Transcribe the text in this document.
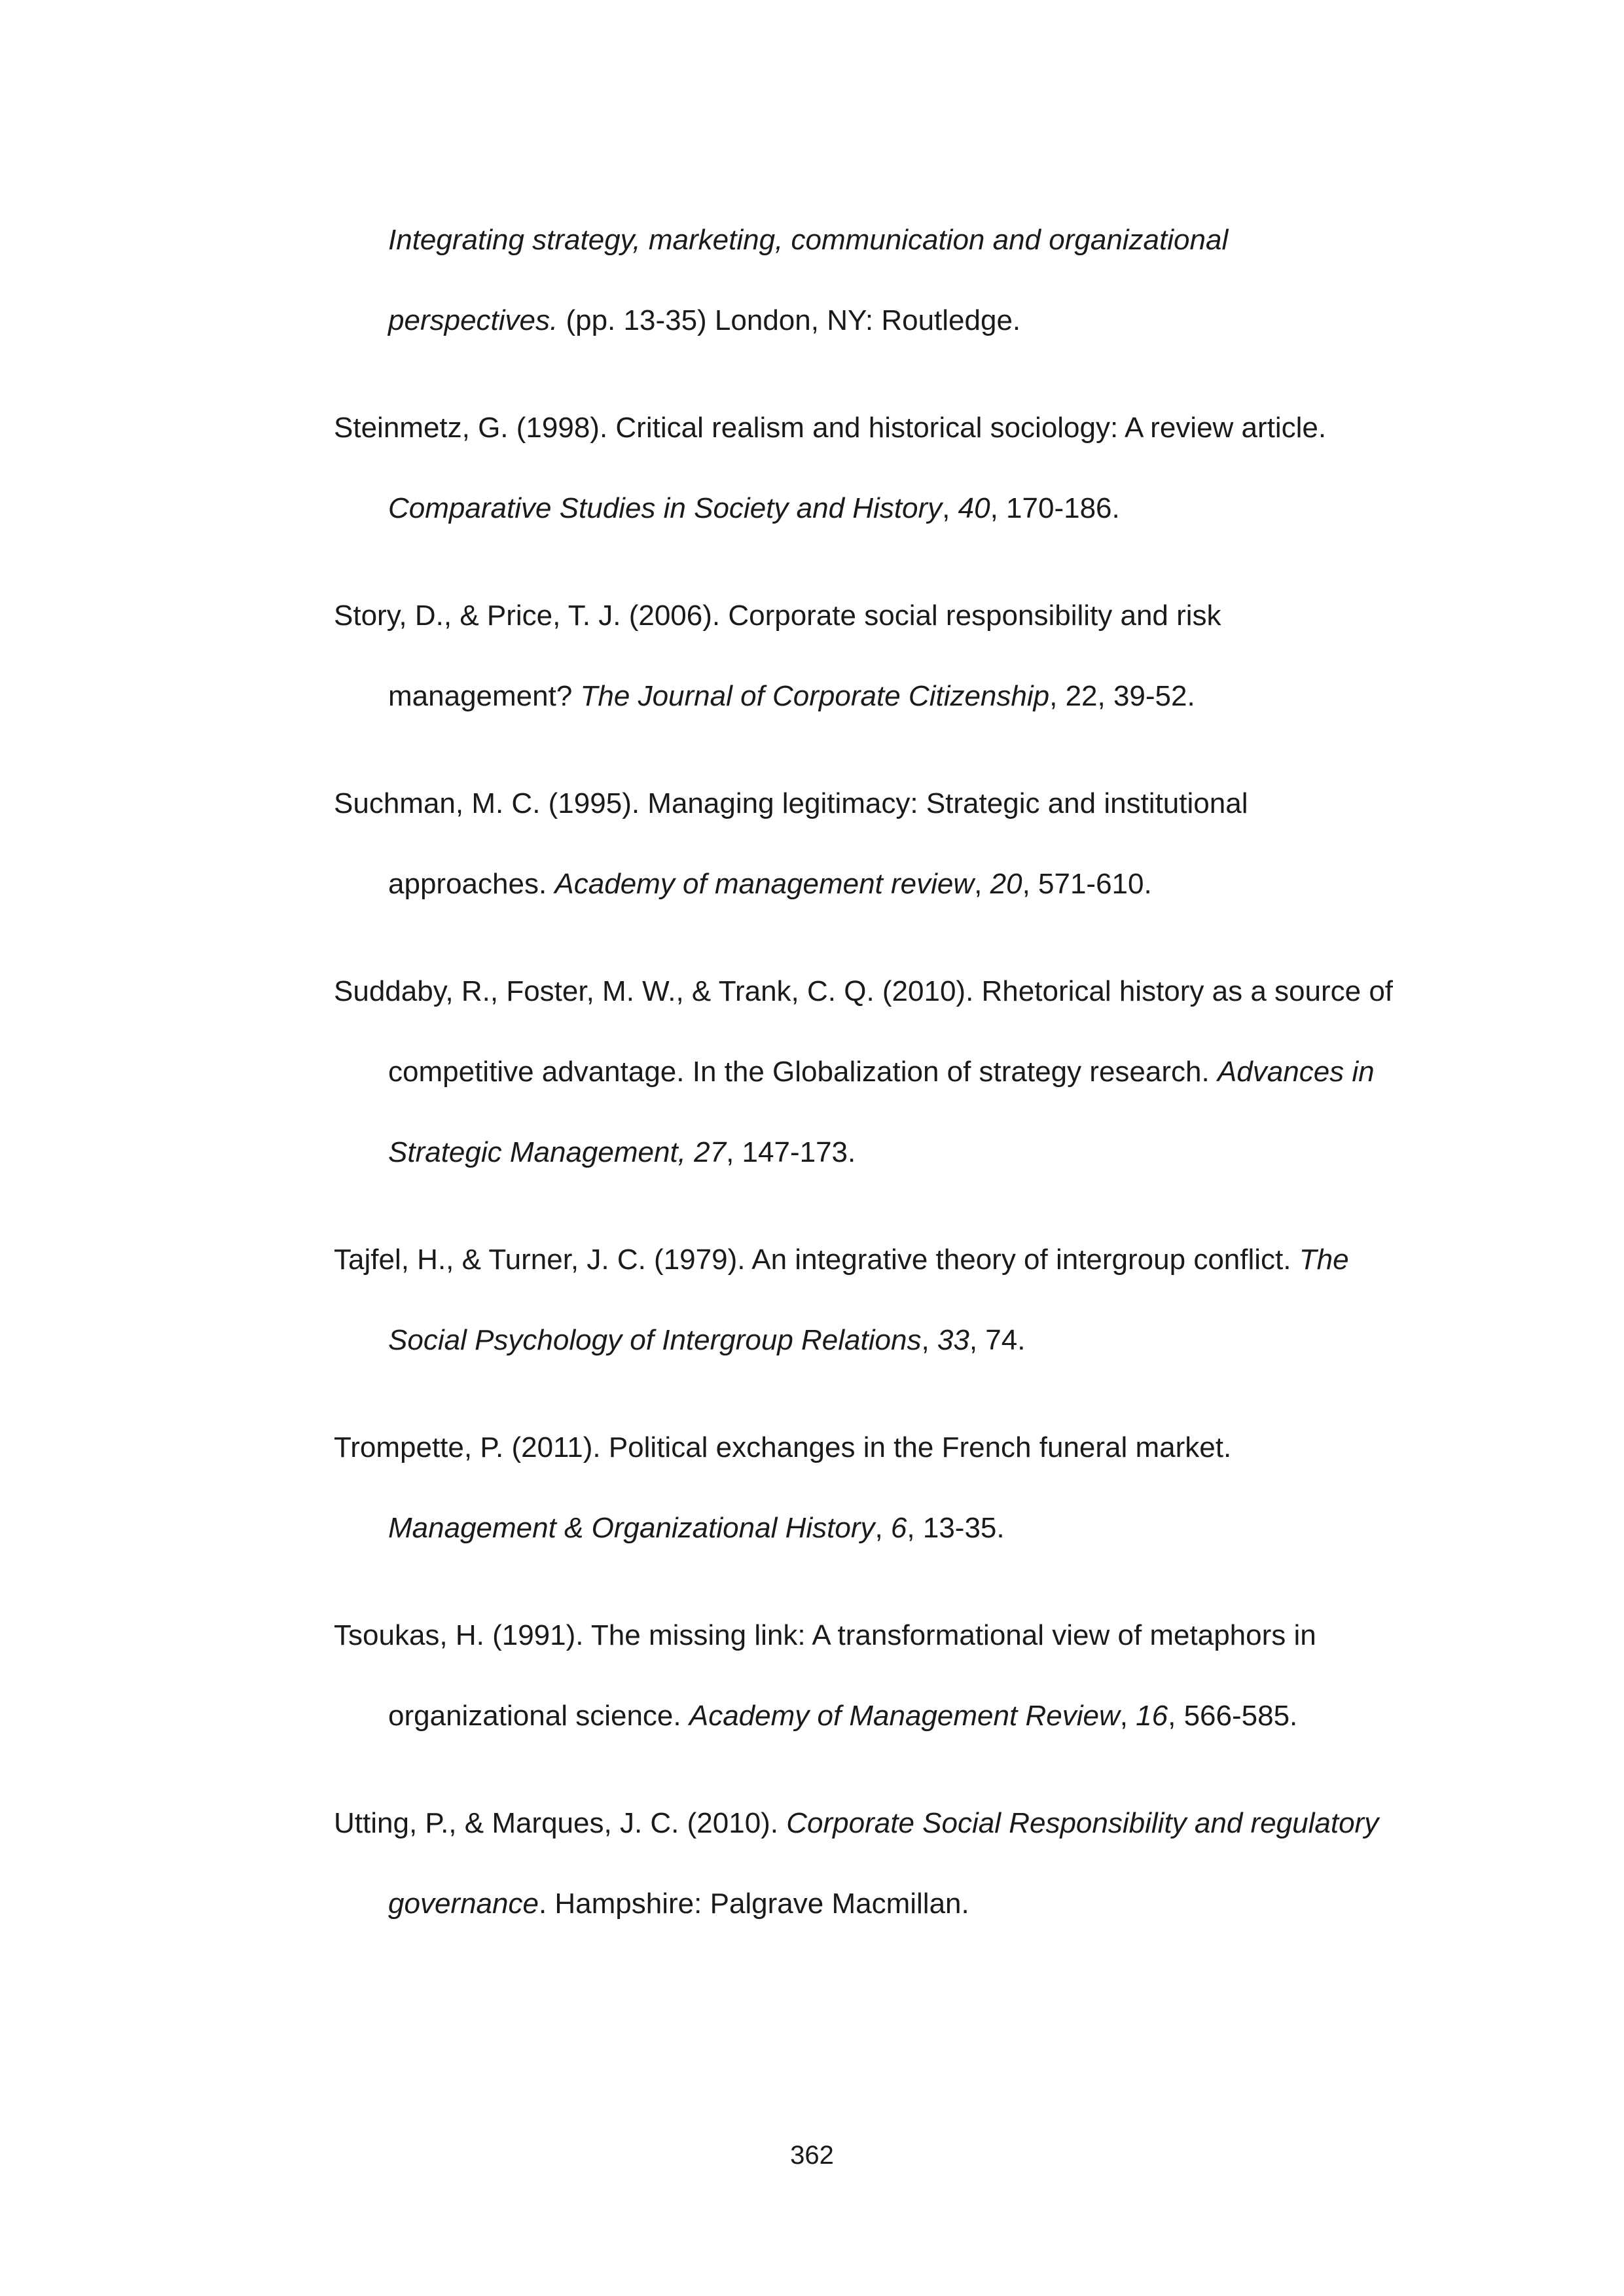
Integrating strategy, marketing, communication and organizational
perspectives. (pp. 13-35) London, NY: Routledge.
Steinmetz, G. (1998). Critical realism and historical sociology: A review article.
Comparative Studies in Society and History, 40, 170-186.
Story, D., & Price, T. J. (2006). Corporate social responsibility and risk
management? The Journal of Corporate Citizenship, 22, 39-52.
Suchman, M. C. (1995). Managing legitimacy: Strategic and institutional
approaches. Academy of management review, 20, 571-610.
Suddaby, R., Foster, M. W., & Trank, C. Q. (2010). Rhetorical history as a source of
competitive advantage. In the Globalization of strategy research. Advances in
Strategic Management, 27, 147-173.
Tajfel, H., & Turner, J. C. (1979). An integrative theory of intergroup conflict. The
Social Psychology of Intergroup Relations, 33, 74.
Trompette, P. (2011). Political exchanges in the French funeral market.
Management & Organizational History, 6, 13-35.
Tsoukas, H. (1991). The missing link: A transformational view of metaphors in
organizational science. Academy of Management Review, 16, 566-585.
Utting, P., & Marques, J. C. (2010). Corporate Social Responsibility and regulatory
governance. Hampshire: Palgrave Macmillan.
362
